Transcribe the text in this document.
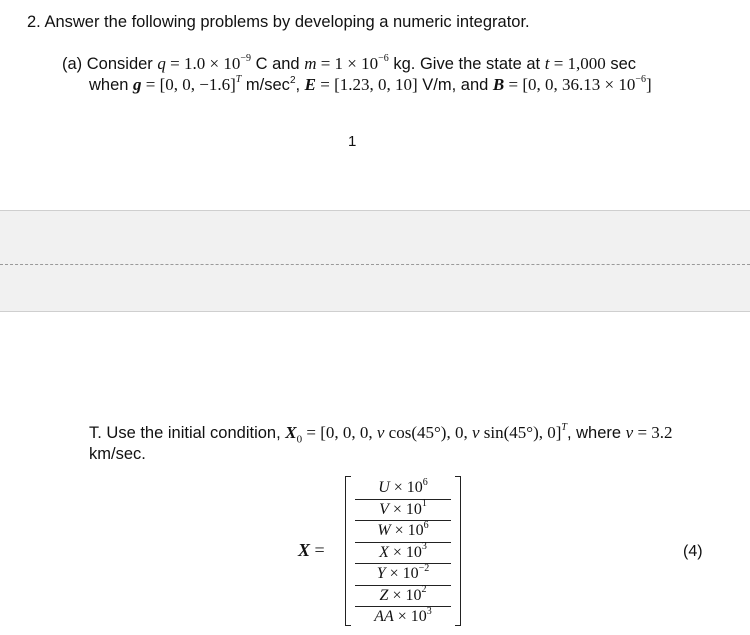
2. Answer the following problems by developing a numeric integrator.
(a) Consider $q = 1.0 \times 10^{-9}$ C and $m = 1 \times 10^{-6}$ kg. Give the state at t = 1,000 sec
when g = [0, 0, −1.6]$^T$ $m/\sec^2$, E = [1.23, 0, 10] V/m, and B = [0, 0, $36.13 \times 10^{-6}$]
1
T. Use the initial condition, $X_0 = [0$, 0, 0, v cos(45°), 0, v sin(45°), 0]$^T$, where v = 3.2
km/sec.
X =
$U \times 10^6$
$V \times 10^1$
$W \times 10^6$
$X \times 10^3$
$Y \times 10^{-2}$
$Z \times 10^2$
AA × $10^3$
(4)
